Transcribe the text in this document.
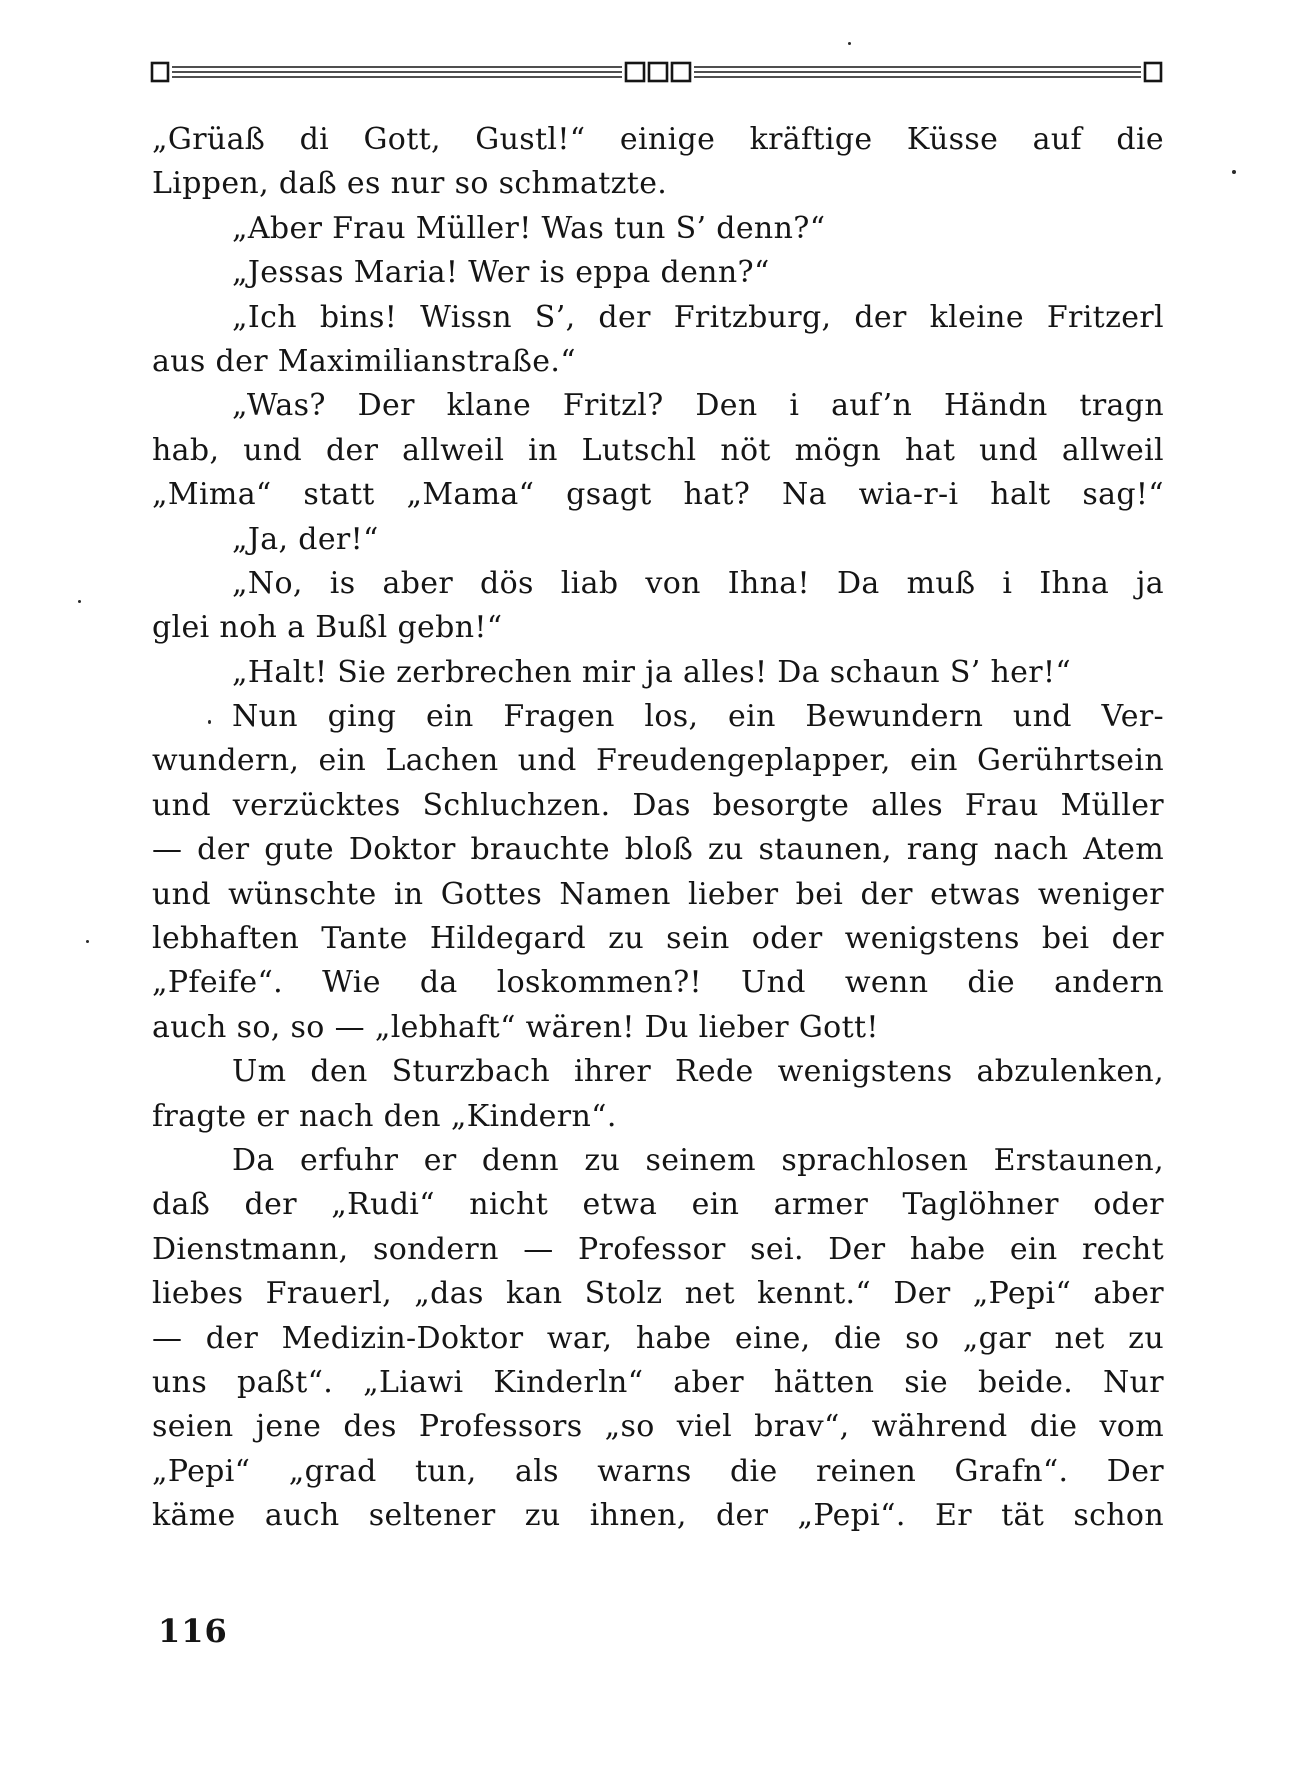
„Grüaß di Gott, Gustl!“ einige kräftige Küsse auf die
Lippen, daß es nur so schmatzte.
„Aber Frau Müller! Was tun S’ denn?“
„Jessas Maria! Wer is eppa denn?“
„Ich bins! Wissn S’, der Fritzburg, der kleine Fritzerl
aus der Maximilianstraße.“
„Was? Der klane Fritzl? Den i auf’n Händn tragn
hab, und der allweil in Lutschl nöt mögn hat und allweil
„Mima“ statt „Mama“ gsagt hat? Na wia-r-i halt sag!“
„Ja, der!“
„No, is aber dös liab von Ihna! Da muß i Ihna ja
glei noh a Bußl gebn!“
„Halt! Sie zerbrechen mir ja alles! Da schaun S’ her!“
Nun ging ein Fragen los, ein Bewundern und Ver-
wundern, ein Lachen und Freudengeplapper, ein Gerührtsein
und verzücktes Schluchzen. Das besorgte alles Frau Müller
— der gute Doktor brauchte bloß zu staunen, rang nach Atem
und wünschte in Gottes Namen lieber bei der etwas weniger
lebhaften Tante Hildegard zu sein oder wenigstens bei der
„Pfeife“. Wie da loskommen?! Und wenn die andern
auch so, so — „lebhaft“ wären! Du lieber Gott!
Um den Sturzbach ihrer Rede wenigstens abzulenken,
fragte er nach den „Kindern“.
Da erfuhr er denn zu seinem sprachlosen Erstaunen,
daß der „Rudi“ nicht etwa ein armer Taglöhner oder
Dienstmann, sondern — Professor sei. Der habe ein recht
liebes Frauerl, „das kan Stolz net kennt.“ Der „Pepi“ aber
— der Medizin-Doktor war, habe eine, die so „gar net zu
uns paßt“. „Liawi Kinderln“ aber hätten sie beide. Nur
seien jene des Professors „so viel brav“, während die vom
„Pepi“ „grad tun, als warns die reinen Grafn“. Der
käme auch seltener zu ihnen, der „Pepi“. Er tät schon
116
